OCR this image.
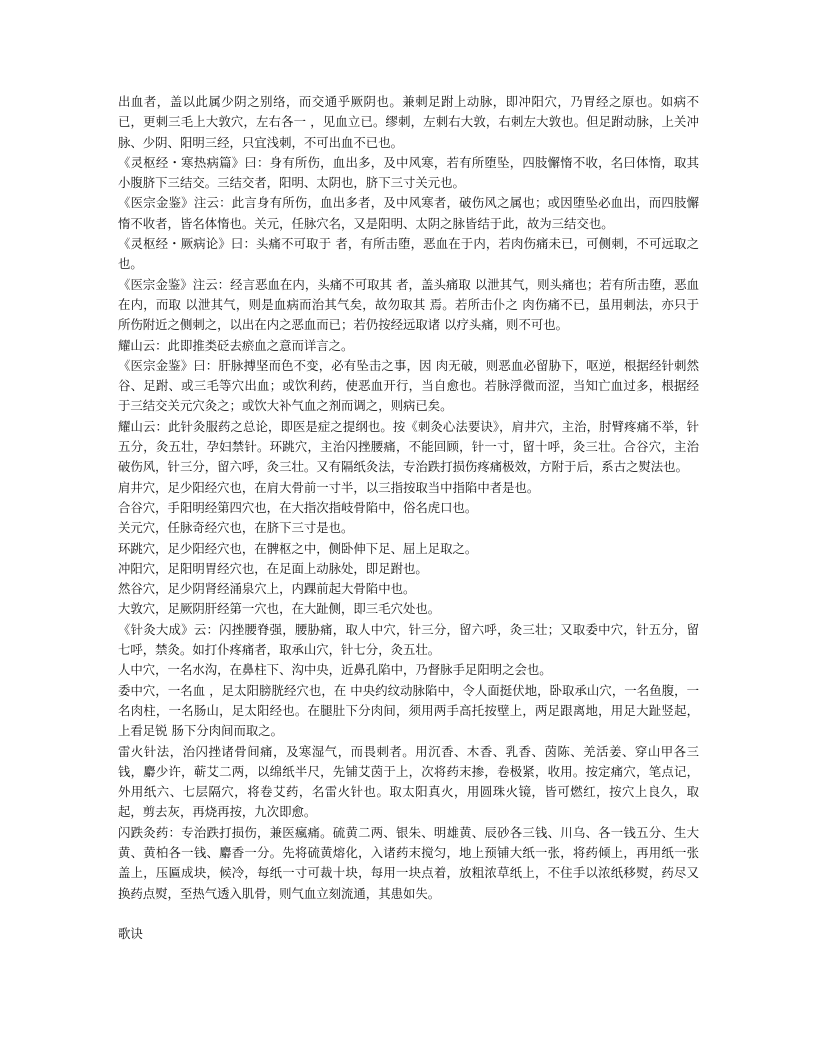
出血者，盖以此属少阴之别络，而交通乎厥阴也。兼刺足跗上动脉，即冲阳穴，乃胃经之原也。如病不已，更刺三毛上大敦穴，左右各一 ，见血立已。缪刺，左刺右大敦，右刺左大敦也。但足跗动脉，上关冲脉、少阴、阳明三经，只宜浅刺，不可出血不已也。

《灵枢经・寒热病篇》曰：身有所伤，血出多，及中风寒，若有所堕坠，四肢懈惰不收，名曰体惰，取其小腹脐下三结交。三结交者，阳明、太阴也，脐下三寸关元也。

《医宗金鉴》注云：此言身有所伤，血出多者，及中风寒者，破伤风之属也；或因堕坠必血出，而四肢懈惰不收者，皆名体惰也。关元，任脉穴名，又是阳明、太阴之脉皆结于此，故为三结交也。

《灵枢经・厥病论》曰：头痛不可取于 者，有所击堕，恶血在于内，若肉伤痛未已，可侧刺，不可远取之也。

《医宗金鉴》注云：经言恶血在内，头痛不可取其 者，盖头痛取 以泄其气，则头痛也；若有所击堕，恶血在内，而取 以泄其气，则是血病而治其气矣，故勿取其 焉。若所击仆之 肉伤痛不已，虽用刺法，亦只于所伤附近之侧刺之，以出在内之恶血而已；若仍按经远取诸 以疗头痛，则不可也。

耀山云：此即推类砭去瘀血之意而详言之。

《医宗金鉴》曰：肝脉搏坚而色不变，必有坠击之事，因 肉无破，则恶血必留胁下，呕逆，根据经针刺然谷、足跗、或三毛等穴出血；或饮利药，使恶血开行，当自愈也。若脉浮微而涩，当知亡血过多，根据经于三结交关元穴灸之；或饮大补气血之剂而调之，则病已矣。

耀山云：此针灸服药之总论，即医是症之提纲也。按《刺灸心法要诀》，肩井穴，主治，肘臂疼痛不举，针五分，灸五壮，孕妇禁针。环跳穴，主治闪挫腰痛，不能回顾，针一寸，留十呼，灸三壮。合谷穴，主治破伤风，针三分，留六呼，灸三壮。又有隔纸灸法，专治跌打损伤疼痛极效，方附于后，系古之熨法也。

肩井穴，足少阳经穴也，在肩大骨前一寸半，以三指按取当中指陷中者是也。

合谷穴，手阳明经第四穴也，在大指次指岐骨陷中，俗名虎口也。

关元穴，任脉奇经穴也，在脐下三寸是也。

环跳穴，足少阳经穴也，在髀枢之中，侧卧伸下足、屈上足取之。

冲阳穴，足阳明胃经穴也，在足面上动脉处，即足跗也。

然谷穴，足少阴肾经涌泉穴上，内踝前起大骨陷中也。

大敦穴，足厥阴肝经第一穴也，在大趾侧，即三毛穴处也。

《针灸大成》云：闪挫腰脊强，腰胁痛，取人中穴，针三分，留六呼，灸三壮；又取委中穴，针五分，留七呼，禁灸。如打仆疼痛者，取承山穴，针七分，灸五壮。

人中穴，一名水沟，在鼻柱下、沟中央，近鼻孔陷中，乃督脉手足阳明之会也。

委中穴，一名血 ，足太阳膀胱经穴也，在 中央约纹动脉陷中，令人面挺伏地，卧取承山穴，一名鱼腹，一名肉柱，一名肠山，足太阳经也。在腿肚下分肉间，须用两手高托按壁上，两足跟离地，用足大趾竖起，上看足锐 肠下分肉间而取之。

雷火针法，治闪挫诸骨间痛，及寒湿气，而畏刺者。用沉香、木香、乳香、茵陈、羌活姜、穿山甲各三钱，麝少许，蕲艾二两，以绵纸半尺，先铺艾茵于上，次将药末掺，卷极紧，收用。按定痛穴，笔点记，外用纸六、七层隔穴，将卷艾药，名雷火针也。取太阳真火，用圆珠火镜，皆可燃红，按穴上良久，取起，剪去灰，再烧再按，九次即愈。

闪跌灸药：专治跌打损伤，兼医瘋痛。硫黄二两、银朱、明雄黄、辰砂各三钱、川乌、各一钱五分、生大黄、黄柏各一钱、麝香一分。先将硫黄熔化，入诸药末搅匀，地上预铺大纸一张，将药倾上，再用纸一张盖上，压匾成块，候冷，每纸一寸可裁十块，每用一块点着，放粗浓草纸上，不住手以浓纸移熨，药尽又换药点熨，至热气透入肌骨，则气血立刻流通，其患如失。

歌诀
